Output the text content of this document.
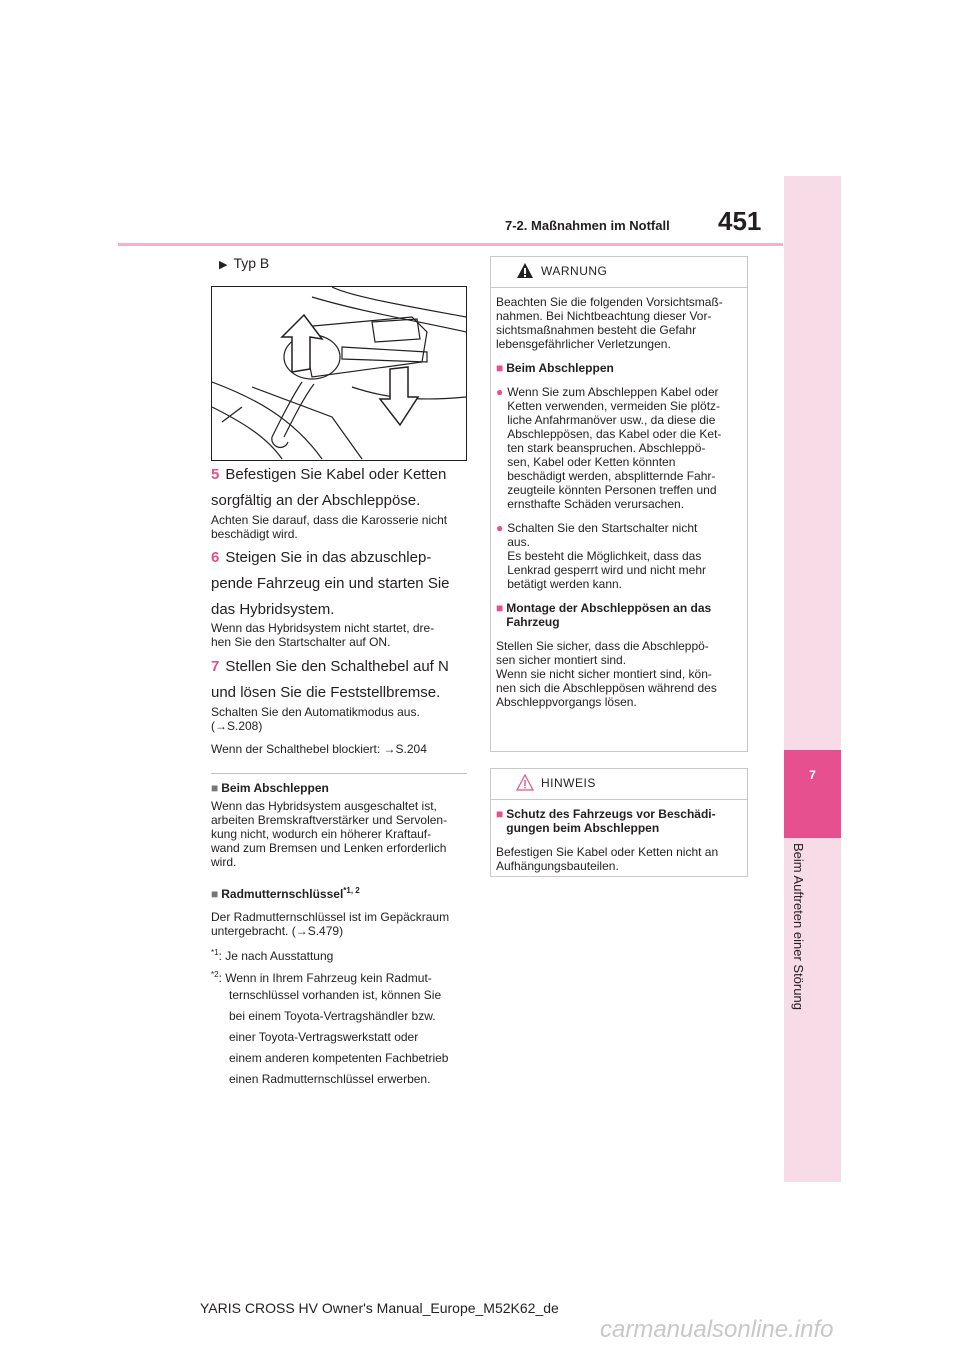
7-2. Maßnahmen im Notfall 451
7
Beim Auftreten einer Störung
▶ Typ B
5 Befestigen Sie Kabel oder Ketten
sorgfältig an der Abschleppöse.
Achten Sie darauf, dass die Karosserie nicht
beschädigt wird.
6 Steigen Sie in das abzuschlep-
pende Fahrzeug ein und starten Sie
das Hybridsystem.
Wenn das Hybridsystem nicht startet, dre-
hen Sie den Startschalter auf ON.
7 Stellen Sie den Schalthebel auf N
und lösen Sie die Feststellbremse.
Schalten Sie den Automatikmodus aus.
(→S.208)
Wenn der Schalthebel blockiert: →S.204
■ Beim Abschleppen
Wenn das Hybridsystem ausgeschaltet ist,
arbeiten Bremskraftverstärker und Servolen-
kung nicht, wodurch ein höherer Kraftauf-
wand zum Bremsen und Lenken erforderlich
wird.
■ Radmutternschlüssel$^{*1, 2}$
Der Radmutternschlüssel ist im Gepäckraum
untergebracht. (→S.479)
$^{*1}$: Je nach Ausstattung
$^{*2}$: Wenn in Ihrem Fahrzeug kein Radmut-
ternschlüssel vorhanden ist, können Sie
bei einem Toyota-Vertragshändler bzw.
einer Toyota-Vertragswerkstatt oder
einem anderen kompetenten Fachbetrieb
einen Radmutternschlüssel erwerben.
WARNUNG

Beachten Sie die folgenden Vorsichtsmaß-
nahmen. Bei Nichtbeachtung dieser Vor-
sichtsmaßnahmen besteht die Gefahr
lebensgefährlicher Verletzungen.

■ Beim Abschleppen

● Wenn Sie zum Abschleppen Kabel oder
Ketten verwenden, vermeiden Sie plötz-
liche Anfahrmanöver usw., da diese die
Abschleppösen, das Kabel oder die Ket-
ten stark beanspruchen. Abschleppö-
sen, Kabel oder Ketten könnten
beschädigt werden, absplitternde Fahr-
zeugteile könnten Personen treffen und
ernsthafte Schäden verursachen.
● Schalten Sie den Startschalter nicht
aus.
Es besteht die Möglichkeit, dass das
Lenkrad gesperrt wird und nicht mehr
betätigt werden kann.
■ Montage der Abschleppösen an das
Fahrzeug

Stellen Sie sicher, dass die Abschleppö-
sen sicher montiert sind.
Wenn sie nicht sicher montiert sind, kön-
nen sich die Abschleppösen während des
Abschleppvorgangs lösen.

HINWEIS
■ Schutz des Fahrzeugs vor Beschädi-
gungen beim Abschleppen

Befestigen Sie Kabel oder Ketten nicht an
Aufhängungsbauteilen.

YARIS CROSS HV Owner's Manual_Europe_M52K62_de
carmanualsonline.info
